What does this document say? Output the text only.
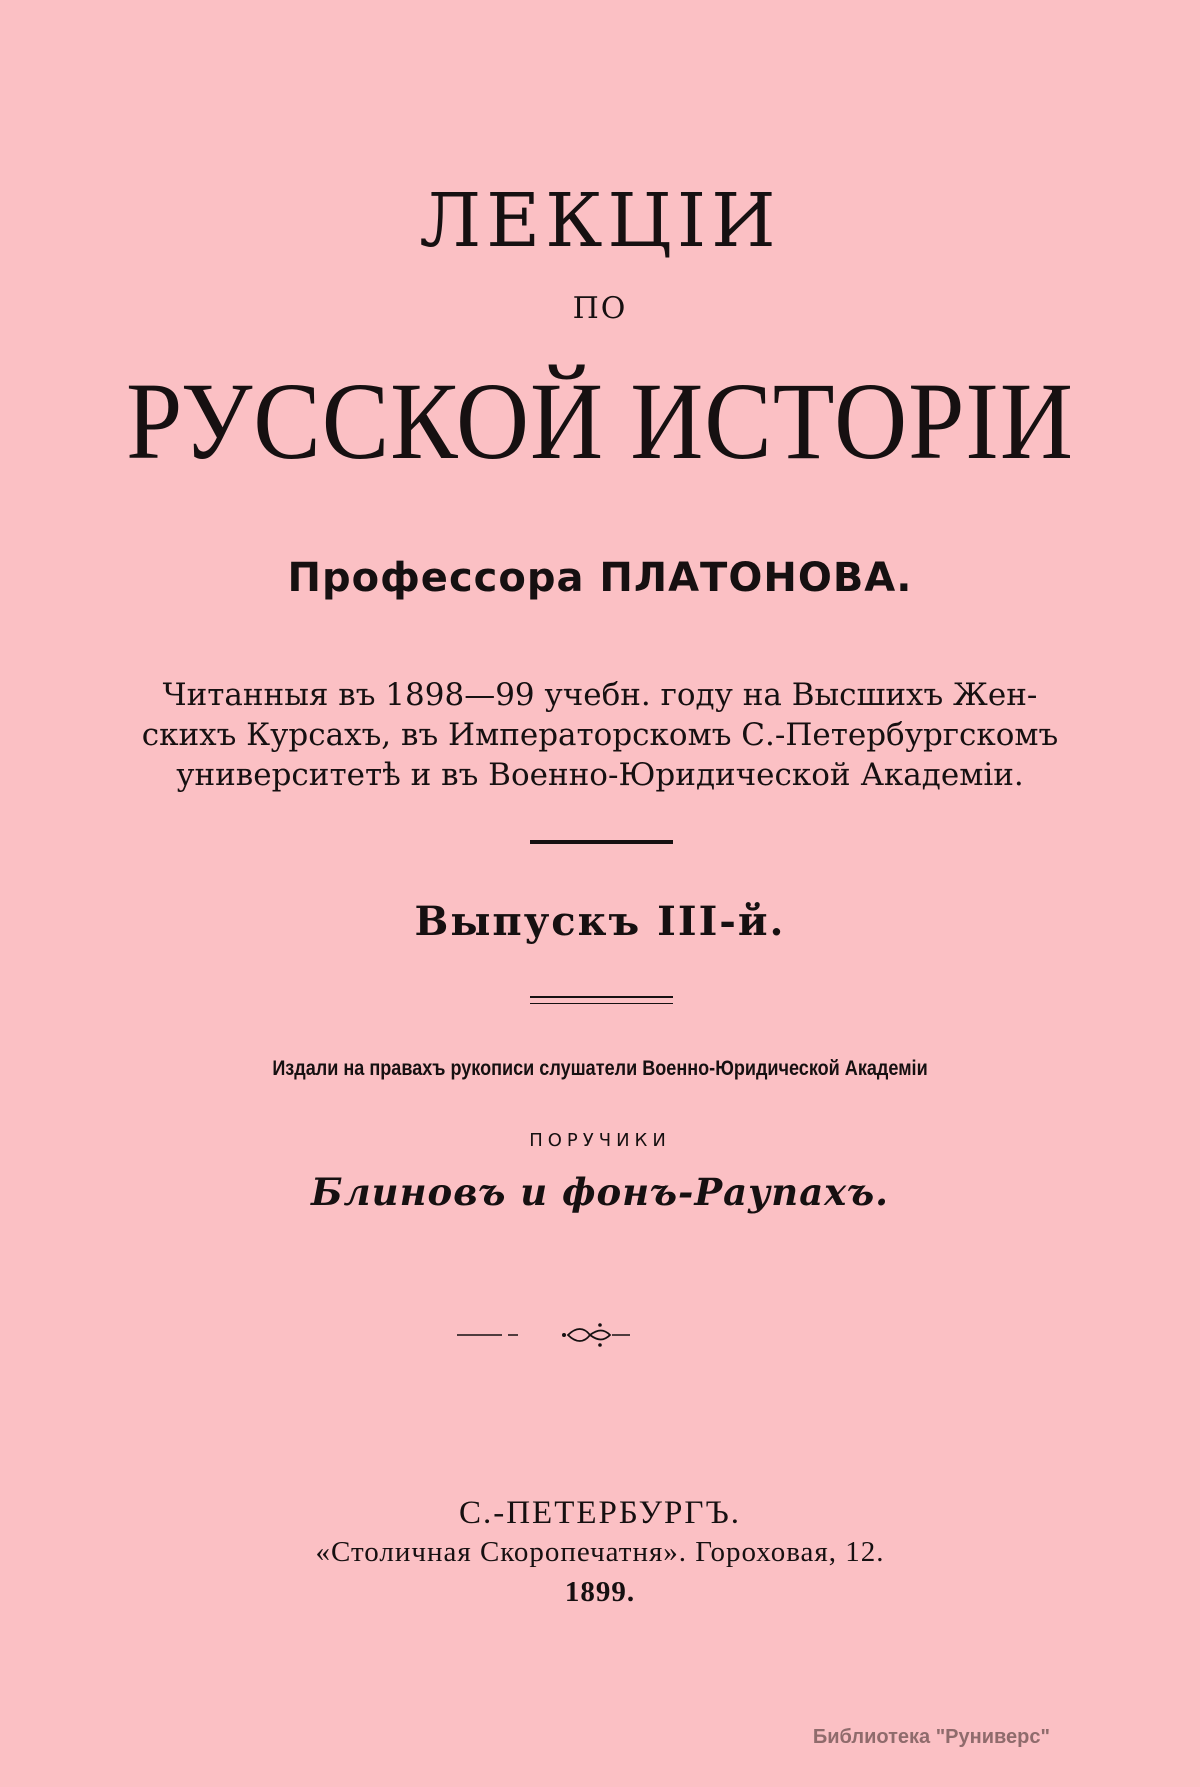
ЛЕКЦІИ
ПО
РУССКОЙ ИСТОРІИ
Профессора ПЛАТОНОВА.
Читанныя въ 1898—99 учебн. году на Высшихъ Жен-
скихъ Курсахъ, въ Императорскомъ С.-Петербургскомъ
университетѣ и въ Военно-Юридической Академіи.
Выпускъ III-й.
Издали на правахъ рукописи слушатели Военно-Юридической Академіи
ПОРУЧИКИ
Блиновъ и фонъ-Раупахъ.
С.-ПЕТЕРБУРГЪ.
«Столичная Скоропечатня». Гороховая, 12.
1899.
Библиотека "Руниверс"
